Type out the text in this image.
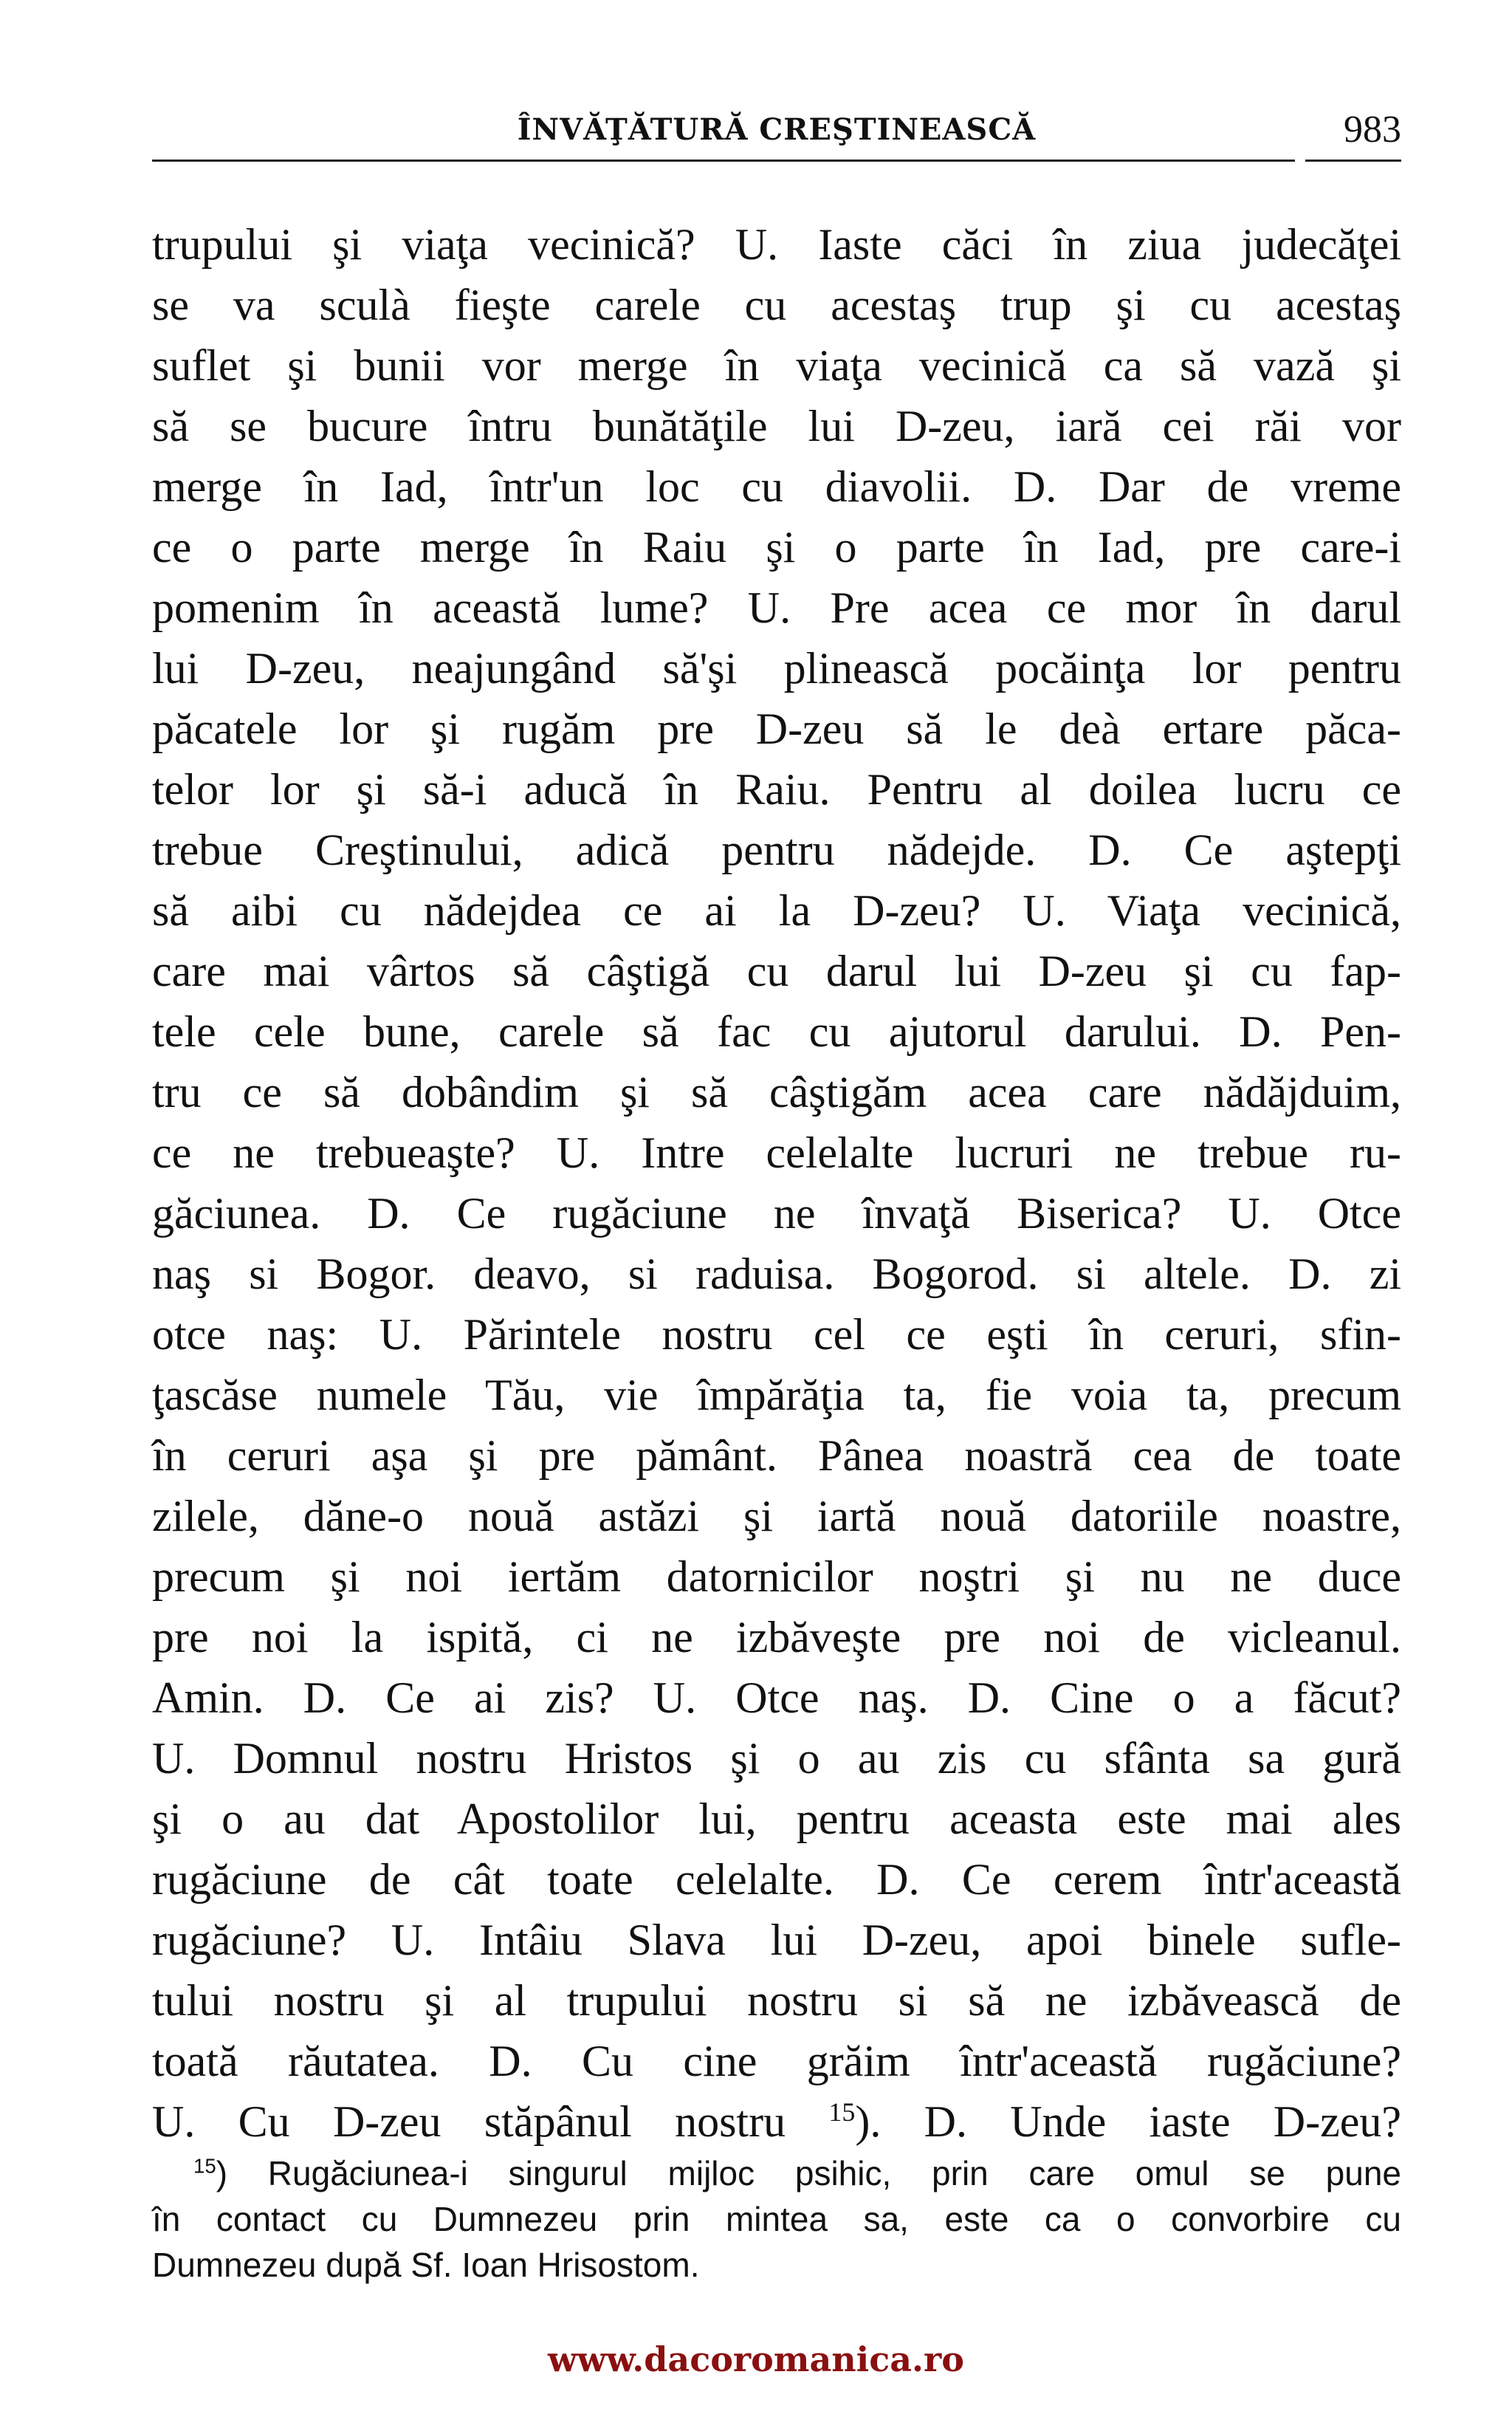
ÎNVĂŢĂTURĂ CREŞTINEASCĂ	983
trupului şi viaţa vecinică? U. Iaste căci în ziua judecăţei
se va sculà fieşte carele cu acestaş trup şi cu acestaş
suflet şi bunii vor merge în viaţa vecinică ca să vază şi
să se bucure întru bunătăţile lui D-zeu, iară cei răi vor
merge în Iad, într'un loc cu diavolii. D. Dar de vreme
ce o parte merge în Raiu şi o parte în Iad, pre care-i
pomenim în această lume? U. Pre acea ce mor în darul
lui D-zeu, neajungând să'şi plinească pocăinţa lor pentru
păcatele lor şi rugăm pre D-zeu să le deà ertare păca-
telor lor şi să-i aducă în Raiu. Pentru al doilea lucru ce
trebue Creştinului, adică pentru nădejde. D. Ce aştepţi
să aibi cu nădejdea ce ai la D-zeu? U. Viaţa vecinică,
care mai vârtos să câştigă cu darul lui D-zeu şi cu fap-
tele cele bune, carele să fac cu ajutorul darului. D. Pen-
tru ce să dobândim şi să câştigăm acea care nădăjduim,
ce ne trebueaşte? U. Intre celelalte lucruri ne trebue ru-
găciunea. D. Ce rugăciune ne învaţă Biserica? U. Otce
naş si Bogor. deavo, si raduisa. Bogorod. si altele. D. zi
otce naş: U. Părintele nostru cel ce eşti în ceruri, sfin-
ţascăse numele Tău, vie împărăţia ta, fie voia ta, precum
în ceruri aşa şi pre pământ. Pânea noastră cea de toate
zilele, dăne-o nouă astăzi şi iartă nouă datoriile noastre,
precum şi noi iertăm datornicilor noştri şi nu ne duce
pre noi la ispită, ci ne izbăveşte pre noi de vicleanul.
Amin. D. Ce ai zis? U. Otce naş. D. Cine o a făcut?
U. Domnul nostru Hristos şi o au zis cu sfânta sa gură
şi o au dat Apostolilor lui, pentru aceasta este mai ales
rugăciune de cât toate celelalte. D. Ce cerem într'această
rugăciune? U. Intâiu Slava lui D-zeu, apoi binele sufle-
tului nostru şi al trupului nostru si să ne izbăvească de
toată răutatea. D. Cu cine grăim într'această rugăciune?
U. Cu D-zeu stăpânul nostru $^{15}$). D. Unde iaste D-zeu?
$^{15}$) Rugăciunea-i singurul mijloc psihic, prin care omul se pune
în contact cu Dumnezeu prin mintea sa, este ca o convorbire cu
Dumnezeu după Sf. Ioan Hrisostom.
www.dacoromanica.ro
